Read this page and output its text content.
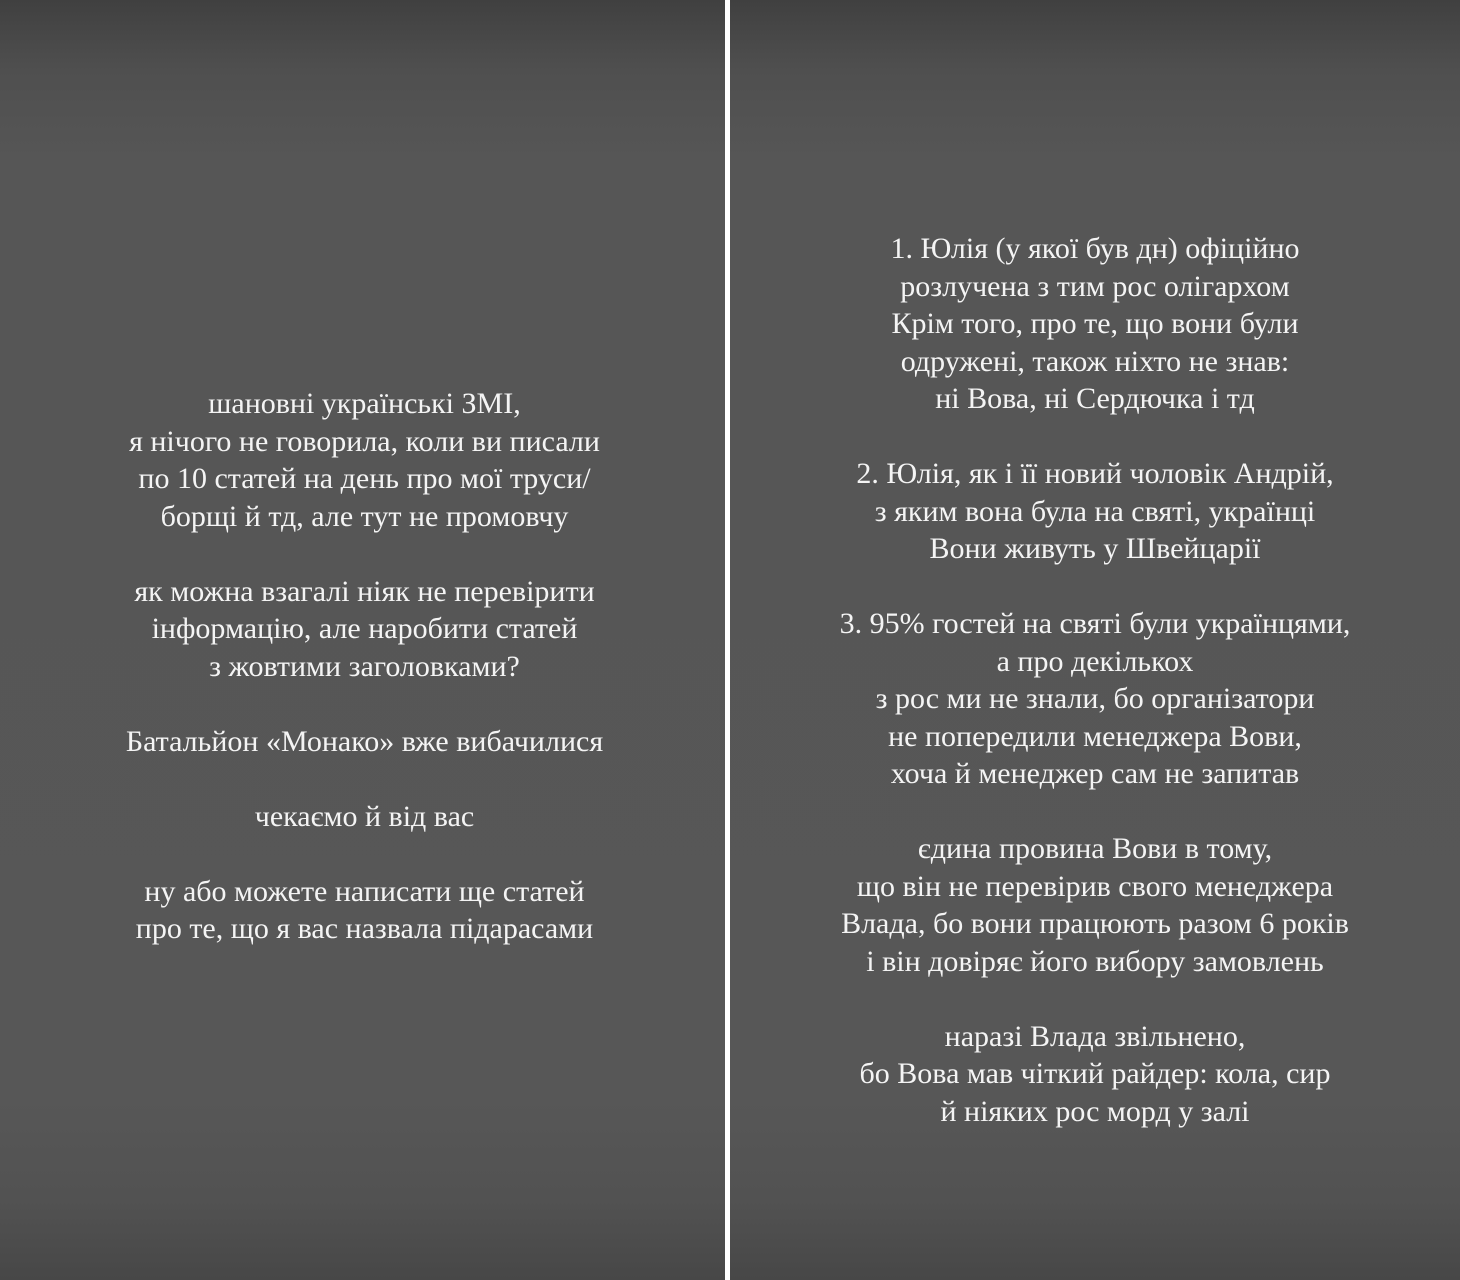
шановні українські ЗМІ,
я нічого не говорила, коли ви писали
по 10 статей на день про мої труси/
борщі й тд, але тут не промовчу
як можна взагалі ніяк не перевірити
інформацію, але наробити статей
з жовтими заголовками?
Батальйон «Монако» вже вибачилися
чекаємо й від вас
ну або можете написати ще статей
про те, що я вас назвала підарасами
1. Юлія (у якої був дн) офіційно
розлучена з тим рос олігархом
Крім того, про те, що вони були
одружені, також ніхто не знав:
ні Вова, ні Сердючка і тд
2. Юлія, як і її новий чоловік Андрій,
з яким вона була на святі, українці
Вони живуть у Швейцарії
3. 95% гостей на святі були українцями,
а про декількох
з рос ми не знали, бо організатори
не попередили менеджера Вови,
хоча й менеджер сам не запитав
єдина провина Вови в тому,
що він не перевірив свого менеджера
Влада, бо вони працюють разом 6 років
і він довіряє його вибору замовлень
наразі Влада звільнено,
бо Вова мав чіткий райдер: кола, сир
й ніяких рос морд у залі
